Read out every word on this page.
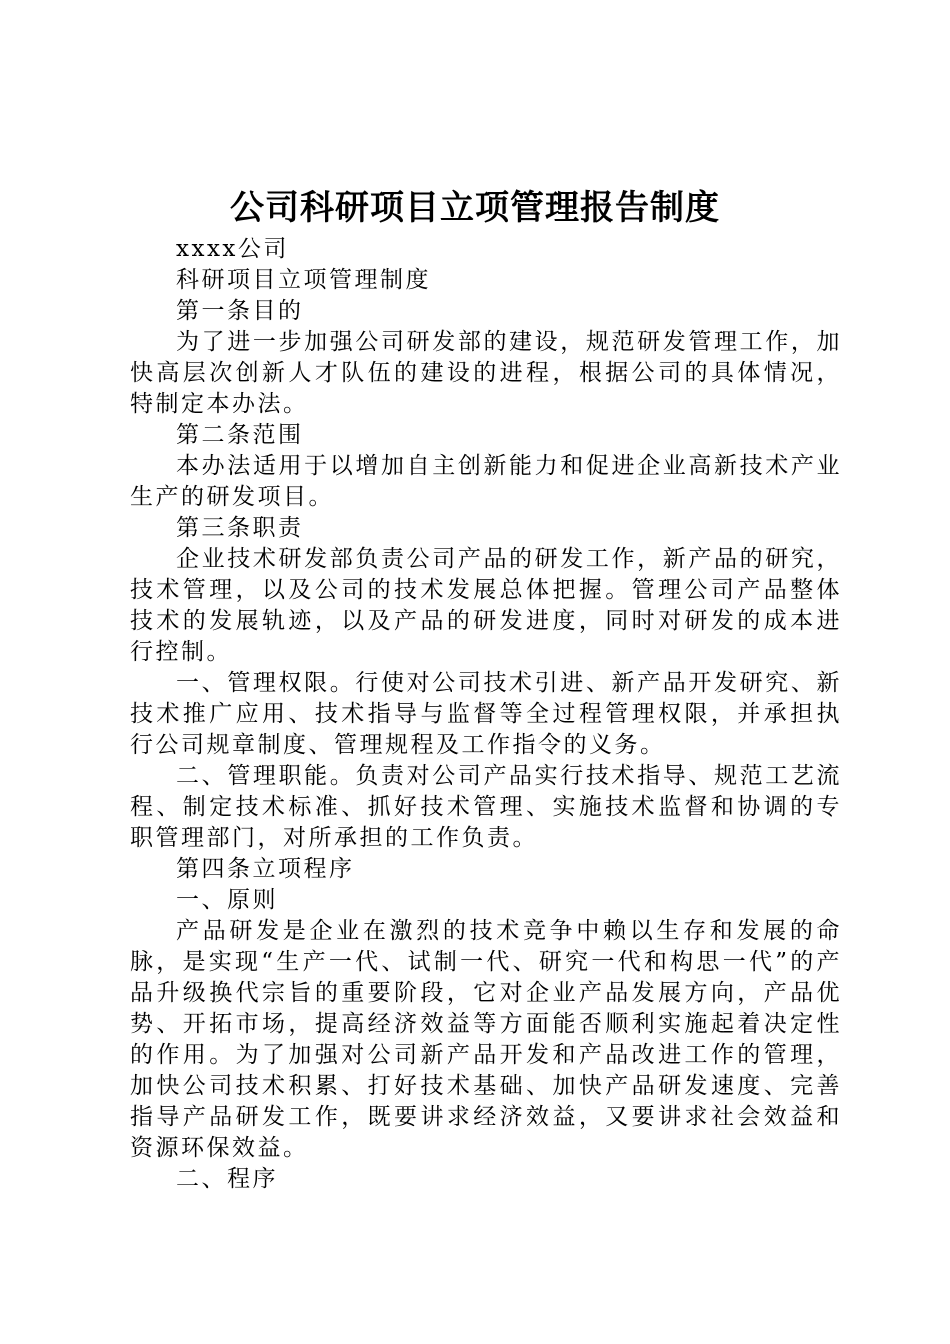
公司科研项目立项管理报告制度

xxxx公司

科研项目立项管理制度

第一条目的

为了进一步加强公司研发部的建设，规范研发管理工作，加快高层次创新人才队伍的建设的进程，根据公司的具体情况，特制定本办法。

第二条范围

本办法适用于以增加自主创新能力和促进企业高新技术产业生产的研发项目。

第三条职责

企业技术研发部负责公司产品的研发工作，新产品的研究，技术管理，以及公司的技术发展总体把握。管理公司产品整体技术的发展轨迹，以及产品的研发进度，同时对研发的成本进行控制。

一、管理权限。行使对公司技术引进、新产品开发研究、新技术推广应用、技术指导与监督等全过程管理权限，并承担执行公司规章制度、管理规程及工作指令的义务。

二、管理职能。负责对公司产品实行技术指导、规范工艺流程、制定技术标准、抓好技术管理、实施技术监督和协调的专职管理部门，对所承担的工作负责。

第四条立项程序

一、原则

产品研发是企业在激烈的技术竞争中赖以生存和发展的命脉，是实现“生产一代、试制一代、研究一代和构思一代”的产品升级换代宗旨的重要阶段，它对企业产品发展方向，产品优势、开拓市场，提高经济效益等方面能否顺利实施起着决定性的作用。为了加强对公司新产品开发和产品改进工作的管理，加快公司技术积累、打好技术基础、加快产品研发速度、完善指导产品研发工作，既要讲求经济效益，又要讲求社会效益和资源环保效益。

二、程序
